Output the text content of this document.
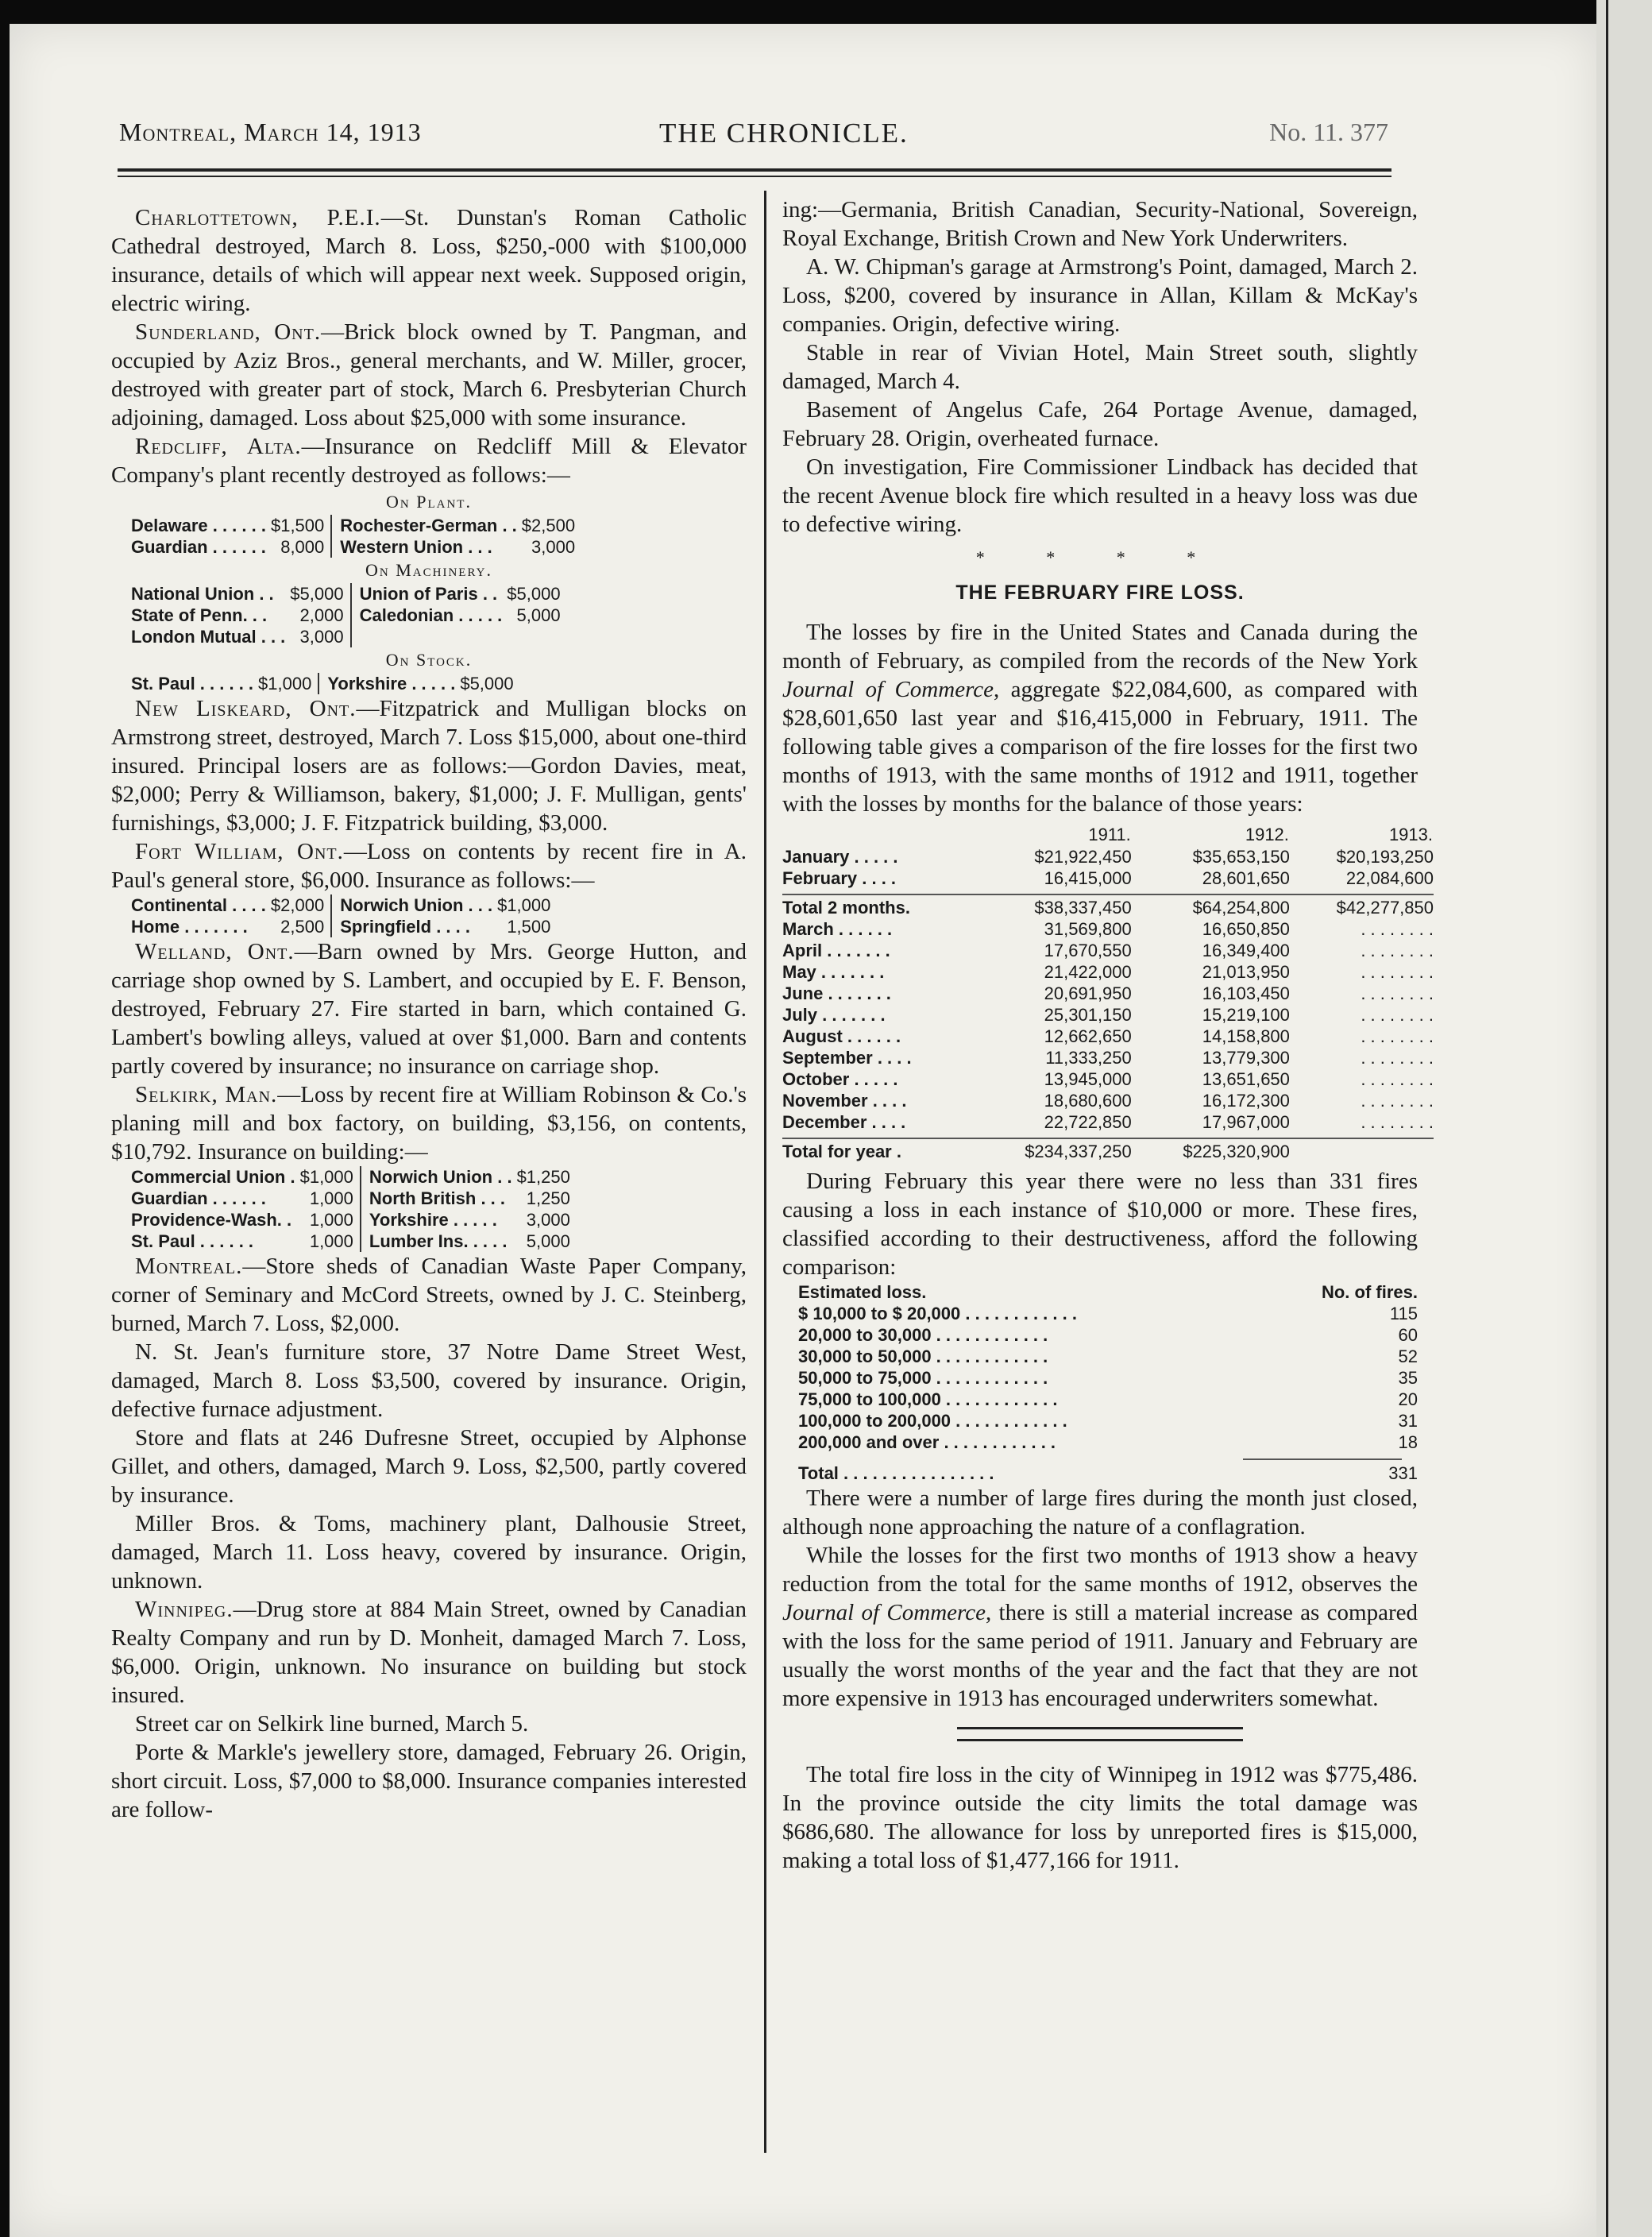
Montreal, March 14, 1913	THE CHRONICLE.	No. 11. 377

Charlottetown, P.E.I.—St. Dunstan's Roman Catholic Cathedral destroyed, March 8. Loss, $250,-000 with $100,000 insurance, details of which will appear next week. Supposed origin, electric wiring.

Sunderland, Ont.—Brick block owned by T. Pangman, and occupied by Aziz Bros., general merchants, and W. Miller, grocer, destroyed with greater part of stock, March 6. Presbyterian Church adjoining, damaged. Loss about $25,000 with some insurance.

Redcliff, Alta.—Insurance on Redcliff Mill & Elevator Company's plant recently destroyed as follows:—

On Plant.
Delaware . . . . . .	$1,500	Rochester-German . .	$2,500
Guardian . . . . . .	8,000	Western Union . . .	3,000
On Machinery.
National Union . .	$5,000	Union of Paris . .	$5,000
State of Penn. . .	2,000	Caledonian . . . . .	5,000
London Mutual . . .	3,000		
On Stock.
St. Paul . . . . . .	$1,000	Yorkshire . . . . .	$5,000

New Liskeard, Ont.—Fitzpatrick and Mulligan blocks on Armstrong street, destroyed, March 7. Loss $15,000, about one-third insured. Principal losers are as follows:—Gordon Davies, meat, $2,000; Perry & Williamson, bakery, $1,000; J. F. Mulligan, gents' furnishings, $3,000; J. F. Fitzpatrick building, $3,000.

Fort William, Ont.—Loss on contents by recent fire in A. Paul's general store, $6,000. Insurance as follows:—

Continental . . . .	$2,000	Norwich Union . . .	$1,000
Home . . . . . . .	2,500	Springfield . . . .	1,500

Welland, Ont.—Barn owned by Mrs. George Hutton, and carriage shop owned by S. Lambert, and occupied by E. F. Benson, destroyed, February 27. Fire started in barn, which contained G. Lambert's bowling alleys, valued at over $1,000. Barn and contents partly covered by insurance; no insurance on carriage shop.

Selkirk, Man.—Loss by recent fire at William Robinson & Co.'s planing mill and box factory, on building, $3,156, on contents, $10,792. Insurance on building:—

Commercial Union .	$1,000	Norwich Union . .	$1,250
Guardian . . . . . .	1,000	North British . . .	1,250
Providence-Wash. .	1,000	Yorkshire . . . . .	3,000
St. Paul . . . . . .	1,000	Lumber Ins. . . . .	5,000

Montreal.—Store sheds of Canadian Waste Paper Company, corner of Seminary and McCord Streets, owned by J. C. Steinberg, burned, March 7. Loss, $2,000.

N. St. Jean's furniture store, 37 Notre Dame Street West, damaged, March 8. Loss $3,500, covered by insurance. Origin, defective furnace adjustment.

Store and flats at 246 Dufresne Street, occupied by Alphonse Gillet, and others, damaged, March 9. Loss, $2,500, partly covered by insurance.

Miller Bros. & Toms, machinery plant, Dalhousie Street, damaged, March 11. Loss heavy, covered by insurance. Origin, unknown.

Winnipeg.—Drug store at 884 Main Street, owned by Canadian Realty Company and run by D. Monheit, damaged March 7. Loss, $6,000. Origin, unknown. No insurance on building but stock insured.

Street car on Selkirk line burned, March 5.

Porte & Markle's jewellery store, damaged, February 26. Origin, short circuit. Loss, $7,000 to $8,000. Insurance companies interested are follow-

ing:—Germania, British Canadian, Security-National, Sovereign, Royal Exchange, British Crown and New York Underwriters.

A. W. Chipman's garage at Armstrong's Point, damaged, March 2. Loss, $200, covered by insurance in Allan, Killam & McKay's companies. Origin, defective wiring.

Stable in rear of Vivian Hotel, Main Street south, slightly damaged, March 4.

Basement of Angelus Cafe, 264 Portage Avenue, damaged, February 28. Origin, overheated furnace.

On investigation, Fire Commissioner Lindback has decided that the recent Avenue block fire which resulted in a heavy loss was due to defective wiring.

* * * *
THE FEBRUARY FIRE LOSS.

The losses by fire in the United States and Canada during the month of February, as compiled from the records of the New York Journal of Commerce, aggregate $22,084,600, as compared with $28,601,650 last year and $16,415,000 in February, 1911. The following table gives a comparison of the fire losses for the first two months of 1913, with the same months of 1912 and 1911, together with the losses by months for the balance of those years:

	1911.	1912.	1913.
January . . . . .	$21,922,450	$35,653,150	$20,193,250
February . . . .	16,415,000	28,601,650	22,084,600

Total 2 months.	$38,337,450	$64,254,800	$42,277,850
March . . . . . .	31,569,800	16,650,850	. . . . . . . .
April . . . . . . .	17,670,550	16,349,400	. . . . . . . .
May . . . . . . .	21,422,000	21,013,950	. . . . . . . .
June . . . . . . .	20,691,950	16,103,450	. . . . . . . .
July . . . . . . .	25,301,150	15,219,100	. . . . . . . .
August . . . . . .	12,662,650	14,158,800	. . . . . . . .
September . . . .	11,333,250	13,779,300	. . . . . . . .
October . . . . .	13,945,000	13,651,650	. . . . . . . .
November . . . .	18,680,600	16,172,300	. . . . . . . .
December . . . .	22,722,850	17,967,000	. . . . . . . .

Total for year .	$234,337,250	$225,320,900	

During February this year there were no less than 331 fires causing a loss in each instance of $10,000 or more. These fires, classified according to their destructiveness, afford the following comparison:

Estimated loss.	No. of fires.
$ 10,000 to $ 20,000 . . . . . . . . . . . .	115
20,000 to 30,000 . . . . . . . . . . . .	60
30,000 to 50,000 . . . . . . . . . . . .	52
50,000 to 75,000 . . . . . . . . . . . .	35
75,000 to 100,000 . . . . . . . . . . . .	20
100,000 to 200,000 . . . . . . . . . . . .	31
200,000 and over . . . . . . . . . . . .	18

Total . . . . . . . . . . . . . . . .	331

There were a number of large fires during the month just closed, although none approaching the nature of a conflagration.

While the losses for the first two months of 1913 show a heavy reduction from the total for the same months of 1912, observes the Journal of Commerce, there is still a material increase as compared with the loss for the same period of 1911. January and February are usually the worst months of the year and the fact that they are not more expensive in 1913 has encouraged underwriters somewhat.

The total fire loss in the city of Winnipeg in 1912 was $775,486. In the province outside the city limits the total damage was $686,680. The allowance for loss by unreported fires is $15,000, making a total loss of $1,477,166 for 1911.
